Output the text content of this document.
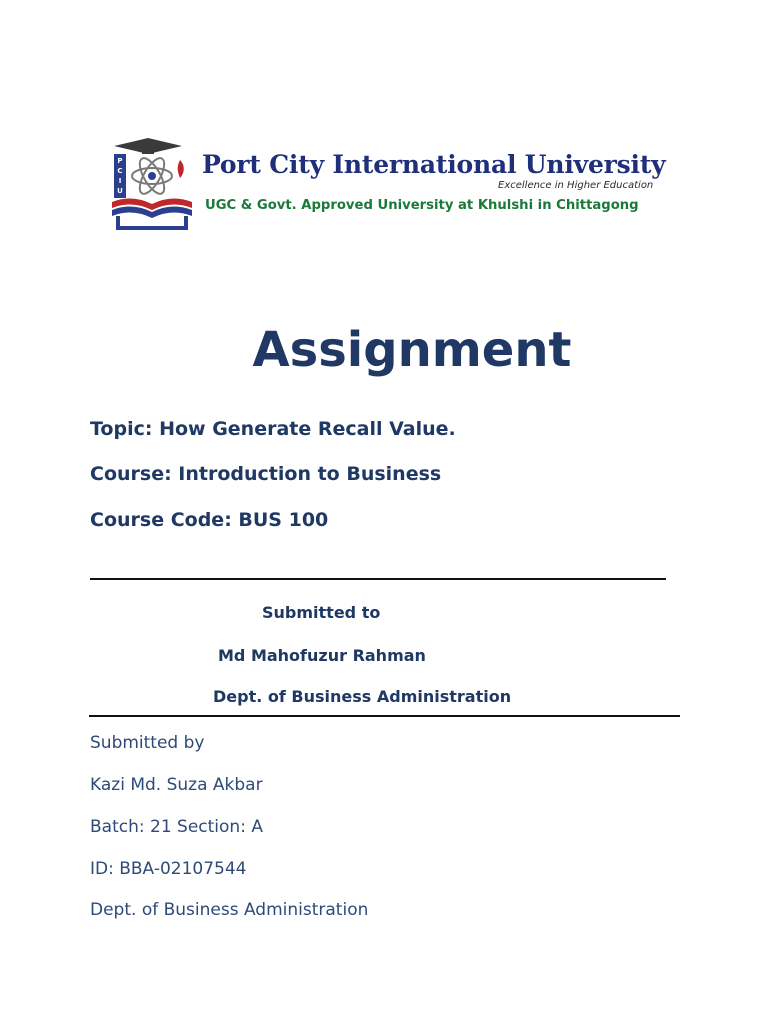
P
C
I
U
Port City International University
Excellence in Higher Education
UGC & Govt. Approved University at Khulshi in Chittagong
Assignment
Topic: How Generate Recall Value.
Course: Introduction to Business
Course Code: BUS 100
Submitted to
Md Mahofuzur Rahman
Dept. of Business Administration
Submitted by
Kazi Md. Suza Akbar
Batch: 21 Section: A
ID: BBA-02107544
Dept. of Business Administration
